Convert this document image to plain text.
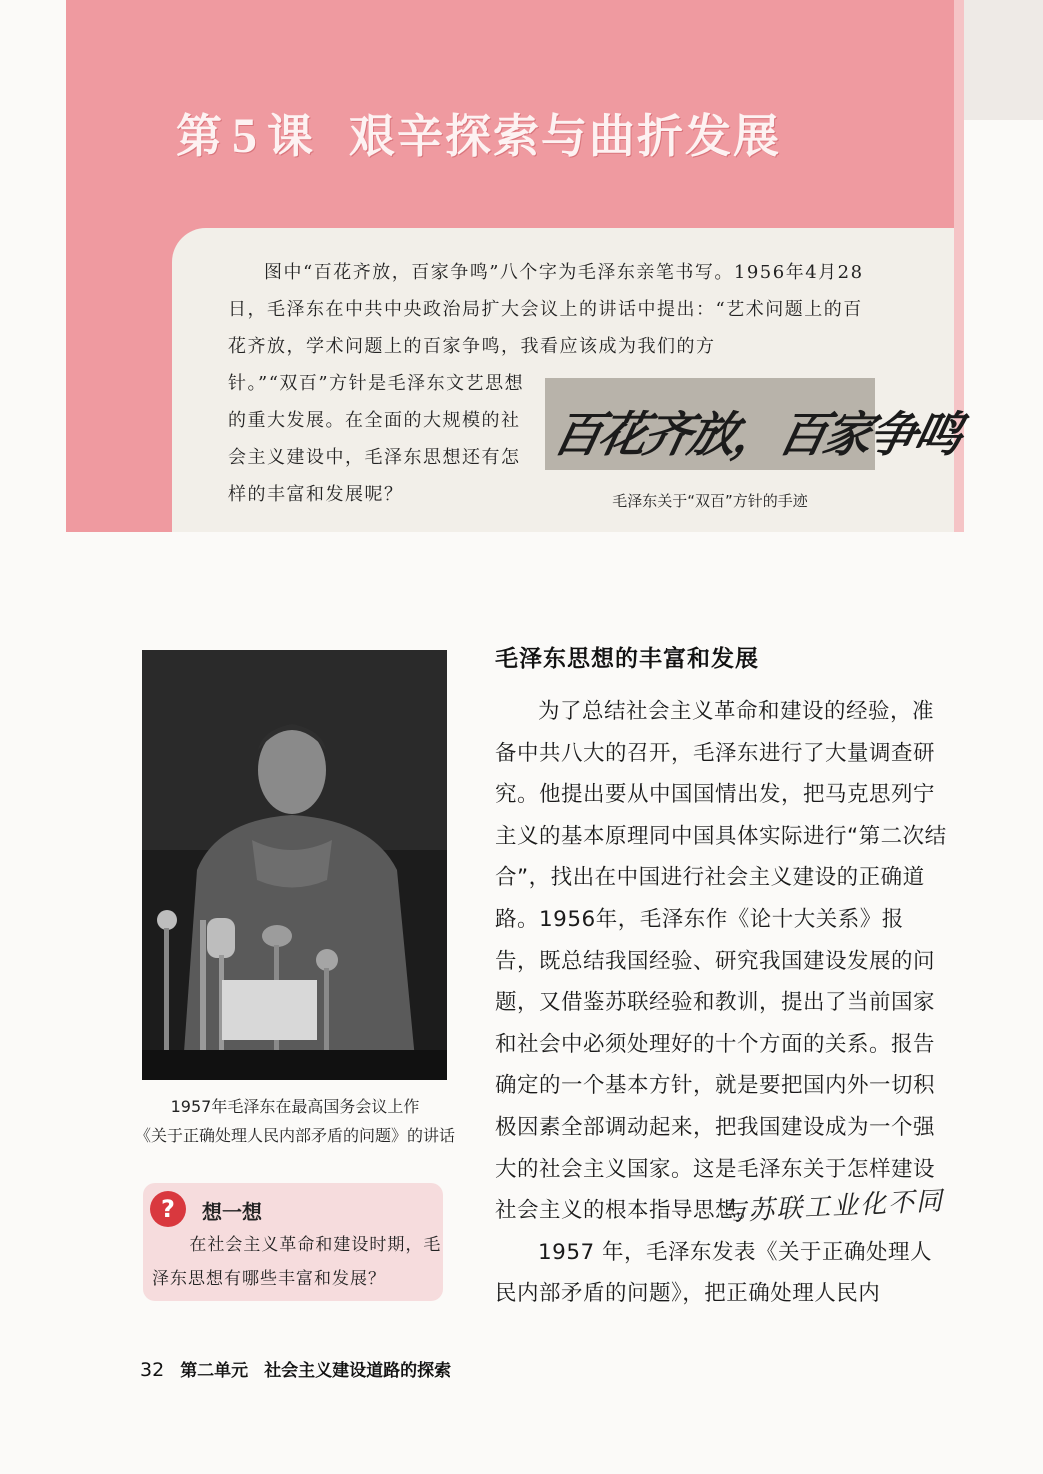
第 5 课 艰辛探索与曲折发展

图中“百花齐放，百家争鸣”八个字为毛泽东亲笔书写。1956年4月28日，毛泽东在中共中央政治局扩大会议上的讲话中提出：“艺术问题上的百花齐放，学术问题上的百家争鸣，我看应该成为我们的方

针。”“双百”方针是毛泽东文艺思想的重大发展。在全面的大规模的社会主义建设中，毛泽东思想还有怎样的丰富和发展呢？
百花齐放，百家争鸣
毛泽东关于“双百”方针的手迹
1957年毛泽东在最高国务会议上作
《关于正确处理人民内部矛盾的问题》的讲话
?	想一想

在社会主义革命和建设时期，毛泽东思想有哪些丰富和发展？

毛泽东思想的丰富和发展

为了总结社会主义革命和建设的经验，准备中共八大的召开，毛泽东进行了大量调查研究。他提出要从中国国情出发，把马克思列宁主义的基本原理同中国具体实际进行“第二次结合”，找出在中国进行社会主义建设的正确道路。1956年，毛泽东作《论十大关系》报告，既总结我国经验、研究我国建设发展的问题，又借鉴苏联经验和教训，提出了当前国家和社会中必须处理好的十个方面的关系。报告确定的一个基本方针，就是要把国内外一切积极因素全部调动起来，把我国建设成为一个强大的社会主义国家。这是毛泽东关于怎样建设社会主义的根本指导思想。

1957 年，毛泽东发表《关于正确处理人民内部矛盾的问题》，把正确处理人民内

与苏联工业化不同
32 第二单元 社会主义建设道路的探索
